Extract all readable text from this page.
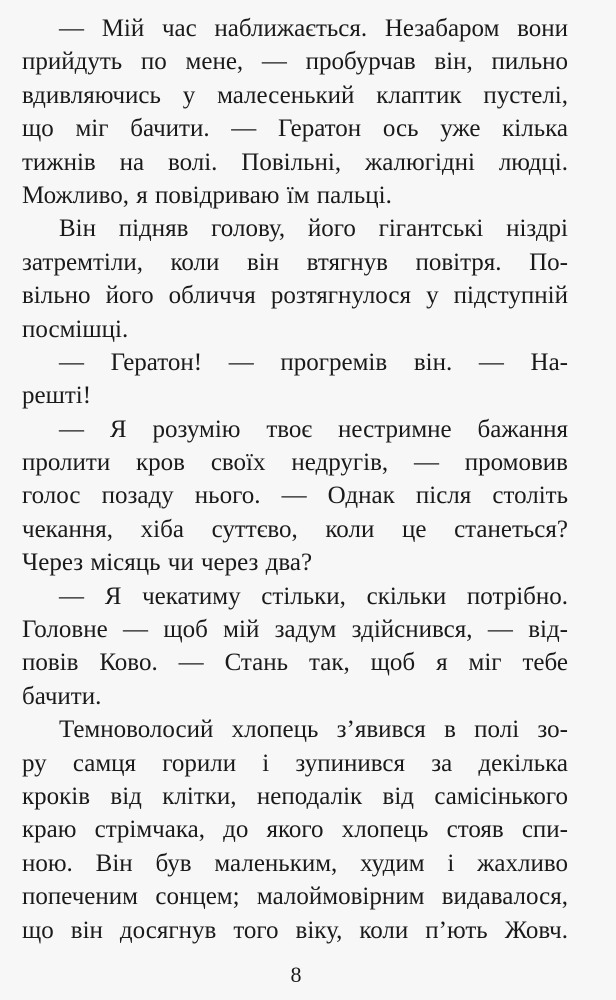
— Мій час наближається. Незабаром вони
прийдуть по мене, — пробурчав він, пильно
вдивляючись у малесенький клаптик пустелі,
що міг бачити. — Гератон ось уже кілька
тижнів на волі. Повільні, жалюгідні людці.
Можливо, я повідриваю їм пальці.
Він підняв голову, його гігантські ніздрі
затремтіли, коли він втягнув повітря. По-
вільно його обличчя розтягнулося у підступній
посмішці.
— Гератон! — прогремів він. — На-
решті!
— Я розумію твоє нестримне бажання
пролити кров своїх недругів, — промовив
голос позаду нього. — Однак після століть
чекання, хіба суттєво, коли це станеться?
Через місяць чи через два?
— Я чекатиму стільки, скільки потрібно.
Головне — щоб мій задум здійснився, — від-
повів Ково. — Стань так, щоб я міг тебе
бачити.
Темноволосий хлопець з’явився в полі зо-
ру самця горили і зупинився за декілька
кроків від клітки, неподалік від самісінького
краю стрімчака, до якого хлопець стояв спи-
ною. Він був маленьким, худим і жахливо
попеченим сонцем; малоймовірним видавалося,
що він досягнув того віку, коли п’ють Жовч.
8
